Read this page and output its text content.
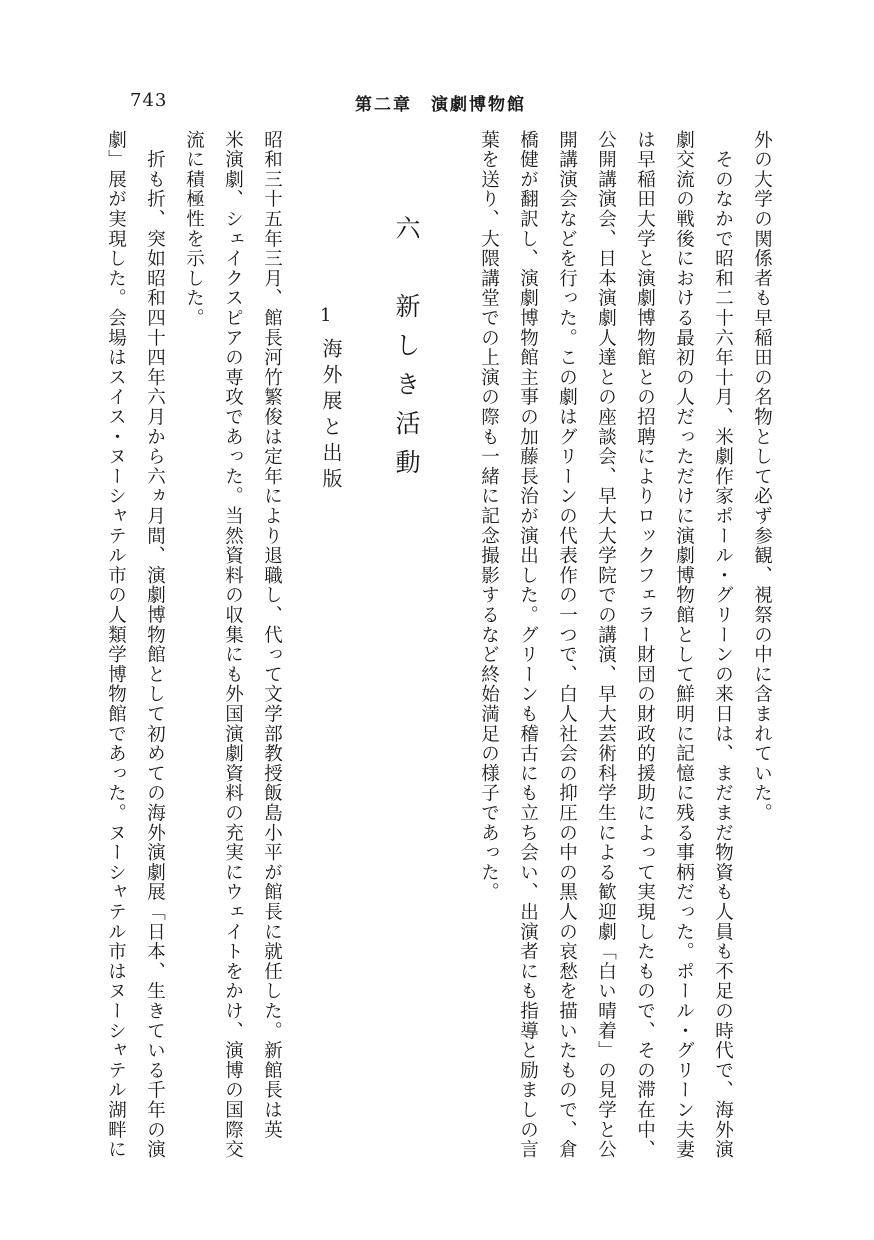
743	第二章　演劇博物館
外の大学の関係者も早稲田の名物として必ず参観、視祭の中に含まれていた。
　そのなかで昭和二十六年十月、米劇作家ポール・グリーンの来日は、まだまだ物資も人員も不足の時代で、海外演
劇交流の戦後における最初の人だっただけに演劇博物館として鮮明に記憶に残る事柄だった。ポール・グリーン夫妻
は早稲田大学と演劇博物館との招聘によりロックフェラー財団の財政的援助によって実現したもので、その滞在中、
公開講演会、日本演劇人達との座談会、早大大学院での講演、早大芸術科学生による歓迎劇「白い晴着」の見学と公
開講演会などを行った。この劇はグリーンの代表作の一つで、白人社会の抑圧の中の黒人の哀愁を描いたもので、倉
橋健が翻訳し、演劇博物館主事の加藤長治が演出した。グリーンも稽古にも立ち会い、出演者にも指導と励ましの言
葉を送り、大隈講堂での上演の際も一緒に記念撮影するなど終始満足の様子であった。
六　新しき活動
1
海外展と出版
昭和三十五年三月、館長河竹繁俊は定年により退職し、代って文学部教授飯島小平が館長に就任した。新館長は英
米演劇、シェイクスピアの専攻であった。当然資料の収集にも外国演劇資料の充実にウェイトをかけ、演博の国際交
流に積極性を示した。
　折も折、突如昭和四十四年六月から六ヵ月間、演劇博物館として初めての海外演劇展「日本、生きている千年の演
劇」展が実現した。会場はスイス・ヌーシャテル市の人類学博物館であった。ヌーシャテル市はヌーシャテル湖畔に
